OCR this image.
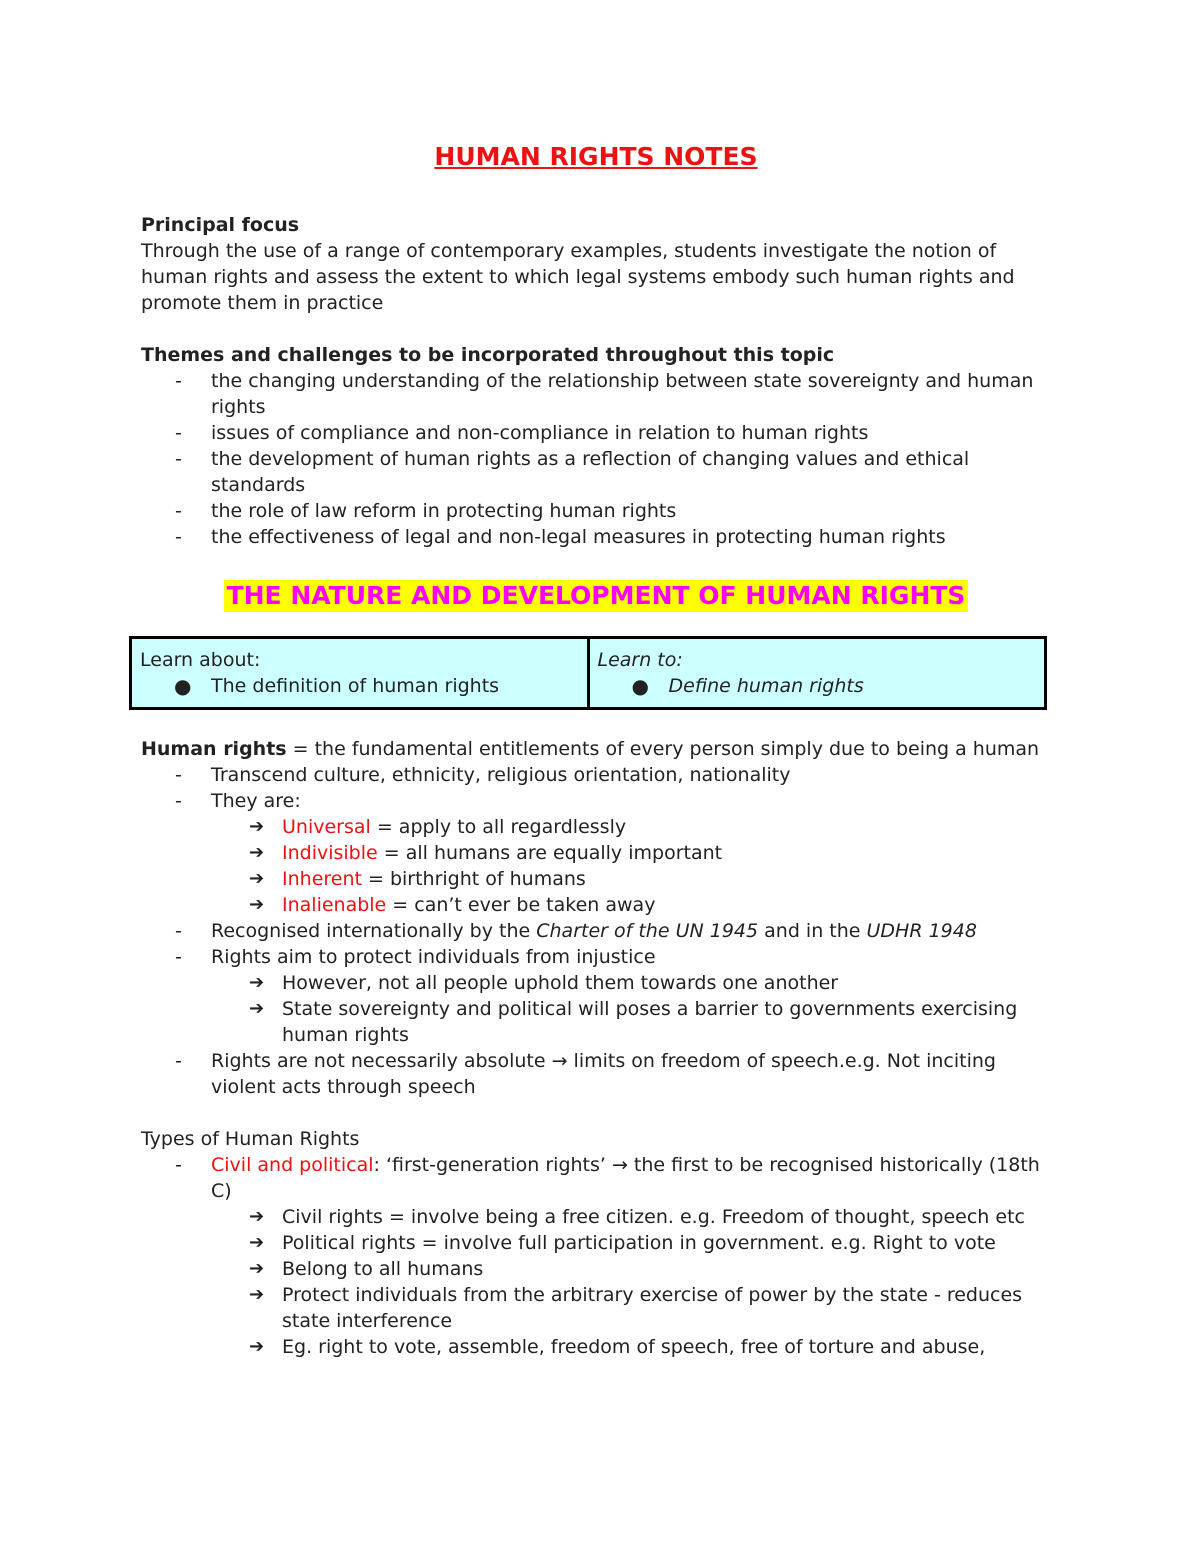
HUMAN RIGHTS NOTES
Principal focus

Through the use of a range of contemporary examples, students investigate the notion of human rights and assess the extent to which legal systems embody such human rights and promote them in practice

Themes and challenges to be incorporated throughout this topic
- the changing understanding of the relationship between state sovereignty and human rights
- issues of compliance and non-compliance in relation to human rights
- the development of human rights as a reflection of changing values and ethical standards
- the role of law reform in protecting human rights
- the effectiveness of legal and non-legal measures in protecting human rights
THE NATURE AND DEVELOPMENT OF HUMAN RIGHTS
Learn about:
● The definition of human rights
Learn to:
● Define human rights

Human rights = the fundamental entitlements of every person simply due to being a human

- Transcend culture, ethnicity, religious orientation, nationality
- They are:
➔ Universal = apply to all regardlessly
➔ Indivisible = all humans are equally important
➔ Inherent = birthright of humans
➔ Inalienable = can’t ever be taken away
- Recognised internationally by the Charter of the UN 1945 and in the UDHR 1948
- Rights aim to protect individuals from injustice
➔ However, not all people uphold them towards one another
➔ State sovereignty and political will poses a barrier to governments exercising human rights
- Rights are not necessarily absolute → limits on freedom of speech.e.g. Not inciting violent acts through speech
Types of Human Rights
- Civil and political: ‘first-generation rights’ → the first to be recognised historically (18th C)
➔ Civil rights = involve being a free citizen. e.g. Freedom of thought, speech etc
➔ Political rights = involve full participation in government. e.g. Right to vote
➔ Belong to all humans
➔ Protect individuals from the arbitrary exercise of power by the state - reduces state interference
➔ Eg. right to vote, assemble, freedom of speech, free of torture and abuse,
